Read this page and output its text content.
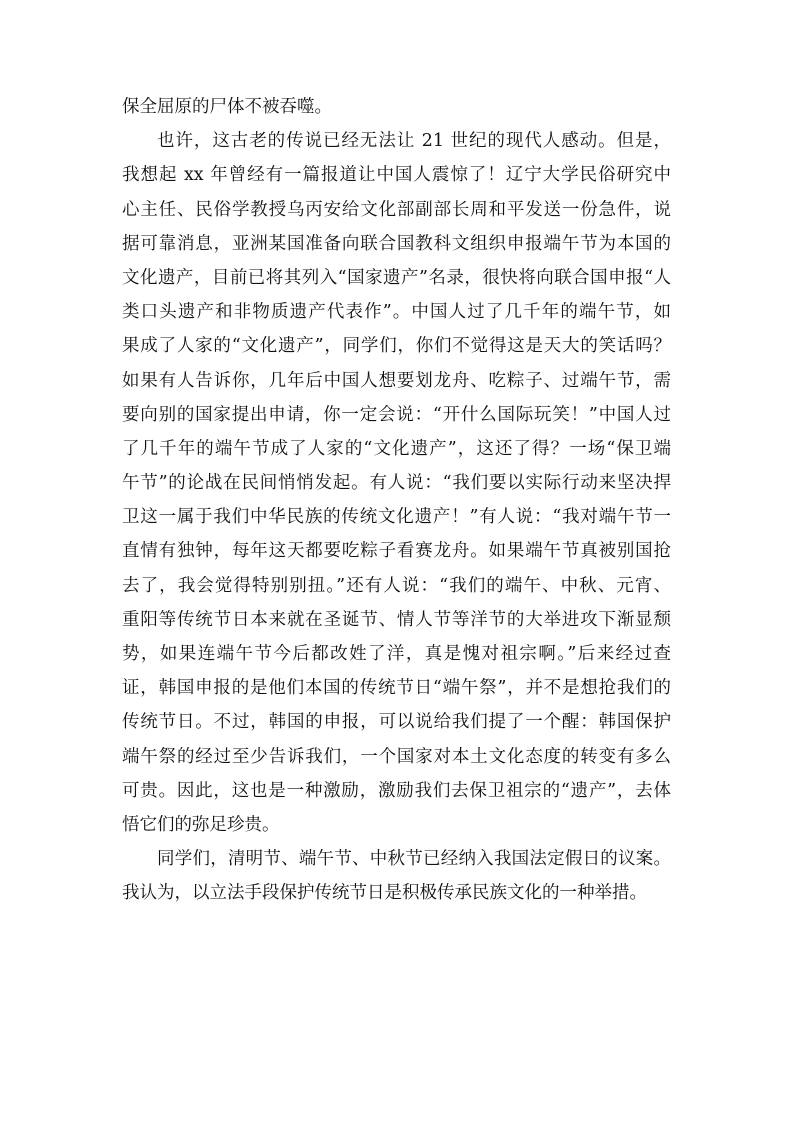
保全屈原的尸体不被吞噬。
也许，这古老的传说已经无法让 21 世纪的现代人感动。但是，
我想起 xx 年曾经有一篇报道让中国人震惊了！辽宁大学民俗研究中
心主任、民俗学教授乌丙安给文化部副部长周和平发送一份急件，说
据可靠消息，亚洲某国准备向联合国教科文组织申报端午节为本国的
文化遗产，目前已将其列入“国家遗产”名录，很快将向联合国申报“人
类口头遗产和非物质遗产代表作”。中国人过了几千年的端午节，如
果成了人家的“文化遗产”，同学们，你们不觉得这是天大的笑话吗？
如果有人告诉你，几年后中国人想要划龙舟、吃粽子、过端午节，需
要向别的国家提出申请，你一定会说：“开什么国际玩笑！”中国人过
了几千年的端午节成了人家的“文化遗产”，这还了得？一场“保卫端
午节”的论战在民间悄悄发起。有人说：“我们要以实际行动来坚决捍
卫这一属于我们中华民族的传统文化遗产！”有人说：“我对端午节一
直情有独钟，每年这天都要吃粽子看赛龙舟。如果端午节真被别国抢
去了，我会觉得特别别扭。”还有人说：“我们的端午、中秋、元宵、
重阳等传统节日本来就在圣诞节、情人节等洋节的大举进攻下渐显颓
势，如果连端午节今后都改姓了洋，真是愧对祖宗啊。”后来经过查
证，韩国申报的是他们本国的传统节日“端午祭”，并不是想抢我们的
传统节日。不过，韩国的申报，可以说给我们提了一个醒：韩国保护
端午祭的经过至少告诉我们，一个国家对本土文化态度的转变有多么
可贵。因此，这也是一种激励，激励我们去保卫祖宗的“遗产”，去体
悟它们的弥足珍贵。
同学们，清明节、端午节、中秋节已经纳入我国法定假日的议案。
我认为，以立法手段保护传统节日是积极传承民族文化的一种举措。
